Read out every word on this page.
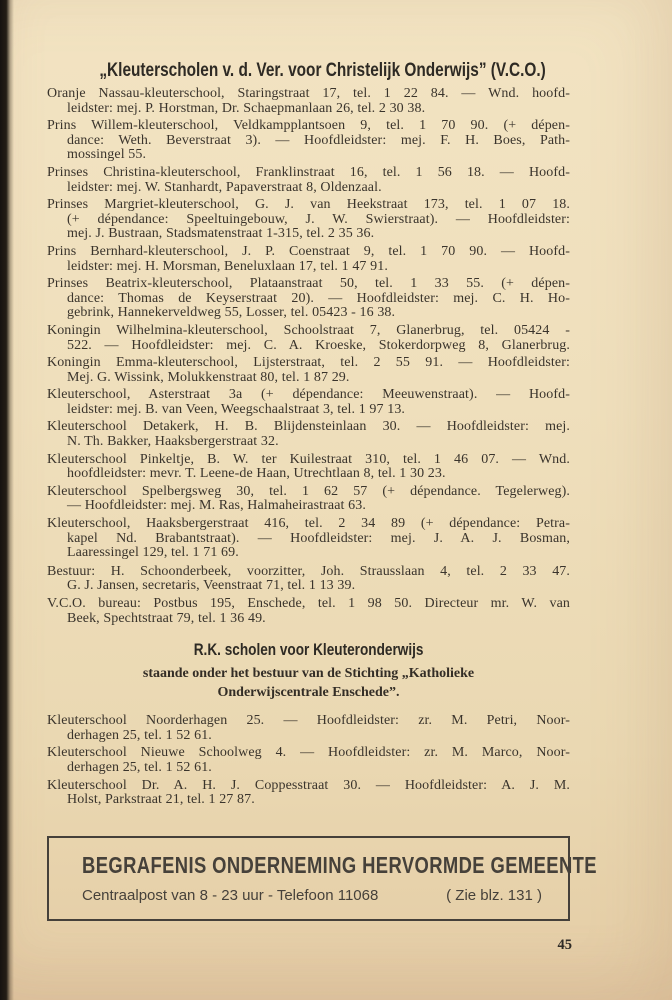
„Kleuterscholen v. d. Ver. voor Christelijk Onderwijs” (V.C.O.)

Oranje Nassau-kleuterschool, Staringstraat 17, tel. 1 22 84. — Wnd. hoofd-
leidster: mej. P. Horstman, Dr. Schaepmanlaan 26, tel. 2 30 38.

Prins Willem-kleuterschool, Veldkampplantsoen 9, tel. 1 70 90. (+ dépen-
dance: Weth. Beverstraat 3). — Hoofdleidster: mej. F. H. Boes, Path-
mossingel 55.

Prinses Christina-kleuterschool, Franklinstraat 16, tel. 1 56 18. — Hoofd-
leidster: mej. W. Stanhardt, Papaverstraat 8, Oldenzaal.

Prinses Margriet-kleuterschool, G. J. van Heekstraat 173, tel. 1 07 18.
(+ dépendance: Speeltuingebouw, J. W. Swierstraat). — Hoofdleidster:
mej. J. Bustraan, Stadsmatenstraat 1-315, tel. 2 35 36.

Prins Bernhard-kleuterschool, J. P. Coenstraat 9, tel. 1 70 90. — Hoofd-
leidster: mej. H. Morsman, Beneluxlaan 17, tel. 1 47 91.

Prinses Beatrix-kleuterschool, Plataanstraat 50, tel. 1 33 55. (+ dépen-
dance: Thomas de Keyserstraat 20). — Hoofdleidster: mej. C. H. Ho-
gebrink, Hannekerveldweg 55, Losser, tel. 05423 - 16 38.

Koningin Wilhelmina-kleuterschool, Schoolstraat 7, Glanerbrug, tel. 05424 -
522. — Hoofdleidster: mej. C. A. Kroeske, Stokerdorpweg 8, Glanerbrug.

Koningin Emma-kleuterschool, Lijsterstraat, tel. 2 55 91. — Hoofdleidster:
Mej. G. Wissink, Molukkenstraat 80, tel. 1 87 29.

Kleuterschool, Asterstraat 3a (+ dépendance: Meeuwenstraat). — Hoofd-
leidster: mej. B. van Veen, Weegschaalstraat 3, tel. 1 97 13.

Kleuterschool Detakerk, H. B. Blijdensteinlaan 30. — Hoofdleidster: mej.
N. Th. Bakker, Haaksbergerstraat 32.

Kleuterschool Pinkeltje, B. W. ter Kuilestraat 310, tel. 1 46 07. — Wnd.
hoofdleidster: mevr. T. Leene-de Haan, Utrechtlaan 8, tel. 1 30 23.

Kleuterschool Spelbergsweg 30, tel. 1 62 57 (+ dépendance. Tegelerweg).
— Hoofdleidster: mej. M. Ras, Halmaheirastraat 63.

Kleuterschool, Haaksbergerstraat 416, tel. 2 34 89 (+ dépendance: Petra-
kapel Nd. Brabantstraat). — Hoofdleidster: mej. J. A. J. Bosman,
Laaressingel 129, tel. 1 71 69.

Bestuur: H. Schoonderbeek, voorzitter, Joh. Strausslaan 4, tel. 2 33 47.
G. J. Jansen, secretaris, Veenstraat 71, tel. 1 13 39.

V.C.O. bureau: Postbus 195, Enschede, tel. 1 98 50. Directeur mr. W. van
Beek, Spechtstraat 79, tel. 1 36 49.

R.K. scholen voor Kleuteronderwijs
staande onder het bestuur van de Stichting „Katholieke
Onderwijscentrale Enschede”.

Kleuterschool Noorderhagen 25. — Hoofdleidster: zr. M. Petri, Noor-
derhagen 25, tel. 1 52 61.

Kleuterschool Nieuwe Schoolweg 4. — Hoofdleidster: zr. M. Marco, Noor-
derhagen 25, tel. 1 52 61.

Kleuterschool Dr. A. H. J. Coppesstraat 30. — Hoofdleidster: A. J. M.
Holst, Parkstraat 21, tel. 1 27 87.

BEGRAFENIS ONDERNEMING HERVORMDE GEMEENTE
Centraalpost van 8 - 23 uur - Telefoon 11068	( Zie blz. 131 )
45
